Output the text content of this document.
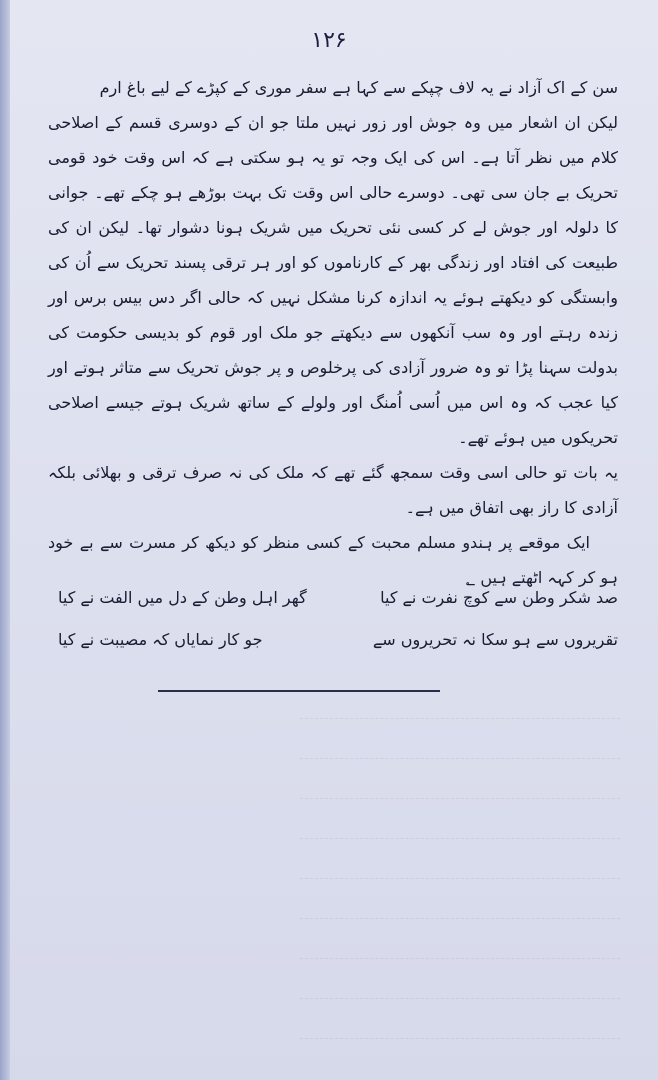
۱۲۶

سن کے اک آزاد نے یہ لاف چپکے سے کہا ہے سفر موری کے کپڑے کے لیے باغ ارم

لیکن ان اشعار میں وہ جوش اور زور نہیں ملتا جو ان کے دوسری قسم کے اصلاحی کلام میں نظر آتا ہے۔ اس کی ایک وجہ تو یہ ہو سکتی ہے کہ اس وقت خود قومی تحریک بے جان سی تھی۔ دوسرے حالی اس وقت تک بہت بوڑھے ہو چکے تھے۔ جوانی کا دلولہ اور جوش لے کر کسی نئی تحریک میں شریک ہونا دشوار تھا۔ لیکن ان کی طبیعت کی افتاد اور زندگی بھر کے کارناموں کو اور ہر ترقی پسند تحریک سے اُن کی وابستگی کو دیکھتے ہوئے یہ اندازہ کرنا مشکل نہیں کہ حالی اگر دس بیس برس اور زندہ رہتے اور وہ سب آنکھوں سے دیکھتے جو ملک اور قوم کو بدیسی حکومت کی بدولت سہنا پڑا تو وہ ضرور آزادی کی پرخلوص و پر جوش تحریک سے متاثر ہوتے اور کیا عجب کہ وہ اس میں اُسی اُمنگ اور ولولے کے ساتھ شریک ہوتے جیسے اصلاحی تحریکوں میں ہوئے تھے۔

یہ بات تو حالی اسی وقت سمجھ گئے تھے کہ ملک کی نہ صرف ترقی و بھلائی بلکہ آزادی کا راز بھی اتفاق میں ہے۔

ایک موقعے پر ہندو مسلم محبت کے کسی منظر کو دیکھ کر مسرت سے بے خود ہو کر کہہ اٹھتے ہیں ؂

صد شکر وطن سے کوچ نفرت نے کیا
گھر اہل وطن کے دل میں الفت نے کیا
تقریروں سے ہو سکا نہ تحریروں سے
جو کار نمایاں کہ مصیبت نے کیا
